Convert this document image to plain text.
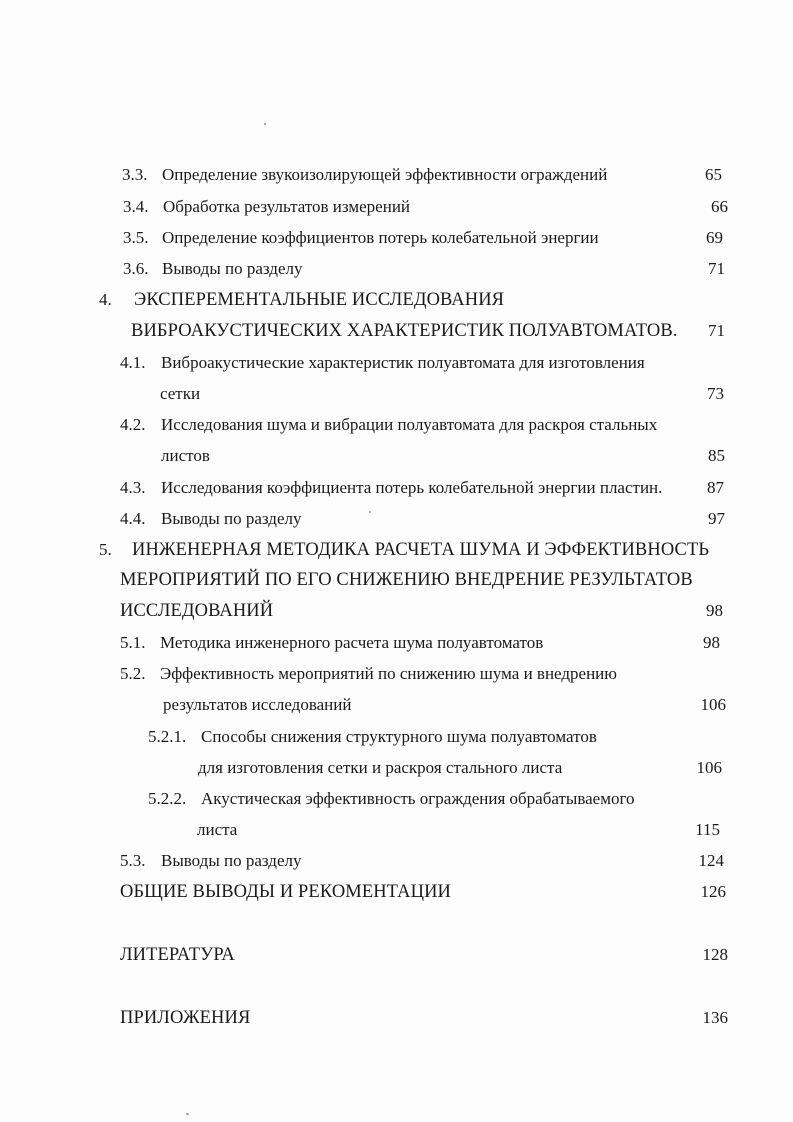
3.3. Определение звукоизолирующей эффективности ограждений	65
3.4. Обработка результатов измерений	66
3.5. Определение коэффициентов потерь колебательной энергии	69
3.6. Выводы по разделу	71
4. ЭКСПЕРЕМЕНТАЛЬНЫЕ ИССЛЕДОВАНИЯ
ВИБРОАКУСТИЧЕСКИХ ХАРАКТЕРИСТИК ПОЛУАВТОМАТОВ.	71
4.1. Виброакустические характеристик полуавтомата для изготовления
сетки	73
4.2. Исследования шума и вибрации полуавтомата для раскроя стальных
листов	85
4.3. Исследования коэффициента потерь колебательной энергии пластин.	87
4.4. Выводы по разделу	97
5. ИНЖЕНЕРНАЯ МЕТОДИКА РАСЧЕТА ШУМА И ЭФФЕКТИВНОСТЬ
МЕРОПРИЯТИЙ ПО ЕГО СНИЖЕНИЮ ВНЕДРЕНИЕ РЕЗУЛЬТАТОВ
ИССЛЕДОВАНИЙ	98
5.1. Методика инженерного расчета шума полуавтоматов	98
5.2. Эффективность мероприятий по снижению шума и внедрению
результатов исследований	106
5.2.1. Способы снижения структурного шума полуавтоматов
для изготовления сетки и раскроя стального листа	106
5.2.2. Акустическая эффективность ограждения обрабатываемого
листа	115
5.3. Выводы по разделу	124
ОБЩИЕ ВЫВОДЫ И РЕКОМЕНТАЦИИ	126
ЛИТЕРАТУРА	128
ПРИЛОЖЕНИЯ	136
